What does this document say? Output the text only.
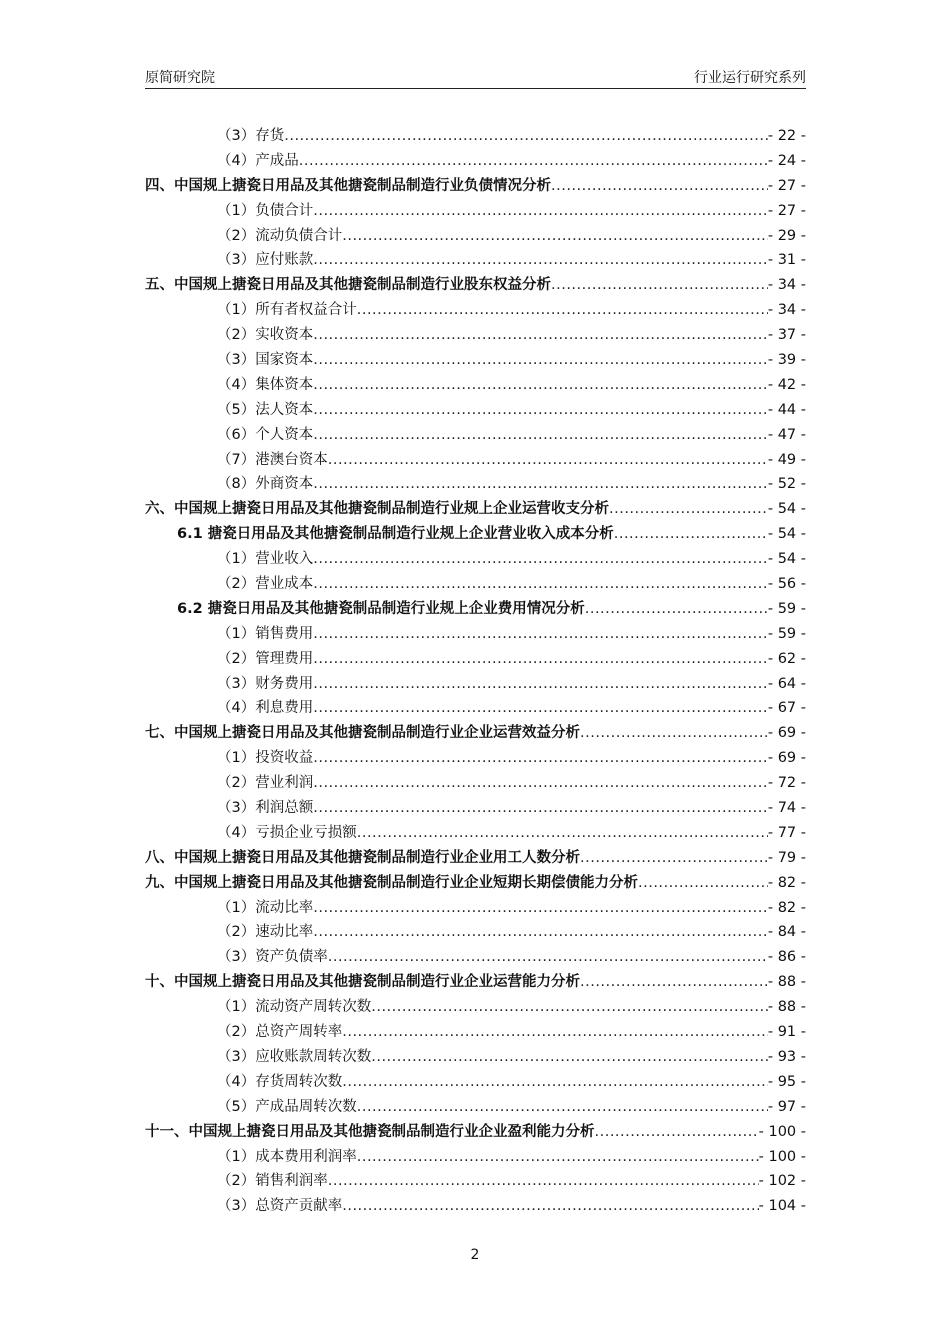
原简研究院	行业运行研究系列
（3）存货 .....	- 22 -
（4）产成品 .....	- 24 -
四、中国规上搪瓷日用品及其他搪瓷制品制造行业负债情况分析 .....	- 27 -
（1）负债合计 .....	- 27 -
（2）流动负债合计 .....	- 29 -
（3）应付账款 .....	- 31 -
五、中国规上搪瓷日用品及其他搪瓷制品制造行业股东权益分析 .....	- 34 -
（1）所有者权益合计 .....	- 34 -
（2）实收资本 .....	- 37 -
（3）国家资本 .....	- 39 -
（4）集体资本 .....	- 42 -
（5）法人资本 .....	- 44 -
（6）个人资本 .....	- 47 -
（7）港澳台资本 .....	- 49 -
（8）外商资本 .....	- 52 -
六、中国规上搪瓷日用品及其他搪瓷制品制造行业规上企业运营收支分析 .....	- 54 -
6.1 搪瓷日用品及其他搪瓷制品制造行业规上企业营业收入成本分析 .....	- 54 -
（1）营业收入 .....	- 54 -
（2）营业成本 .....	- 56 -
6.2 搪瓷日用品及其他搪瓷制品制造行业规上企业费用情况分析 .....	- 59 -
（1）销售费用 .....	- 59 -
（2）管理费用 .....	- 62 -
（3）财务费用 .....	- 64 -
（4）利息费用 .....	- 67 -
七、中国规上搪瓷日用品及其他搪瓷制品制造行业企业运营效益分析 .....	- 69 -
（1）投资收益 .....	- 69 -
（2）营业利润 .....	- 72 -
（3）利润总额 .....	- 74 -
（4）亏损企业亏损额 .....	- 77 -
八、中国规上搪瓷日用品及其他搪瓷制品制造行业企业用工人数分析 .....	- 79 -
九、中国规上搪瓷日用品及其他搪瓷制品制造行业企业短期长期偿债能力分析 .....	- 82 -
（1）流动比率 .....	- 82 -
（2）速动比率 .....	- 84 -
（3）资产负债率 .....	- 86 -
十、中国规上搪瓷日用品及其他搪瓷制品制造行业企业运营能力分析 .....	- 88 -
（1）流动资产周转次数 .....	- 88 -
（2）总资产周转率 .....	- 91 -
（3）应收账款周转次数 .....	- 93 -
（4）存货周转次数 .....	- 95 -
（5）产成品周转次数 .....	- 97 -
十一、中国规上搪瓷日用品及其他搪瓷制品制造行业企业盈利能力分析 .....	- 100 -
（1）成本费用利润率 .....	- 100 -
（2）销售利润率 .....	- 102 -
（3）总资产贡献率 .....	- 104 -
2
